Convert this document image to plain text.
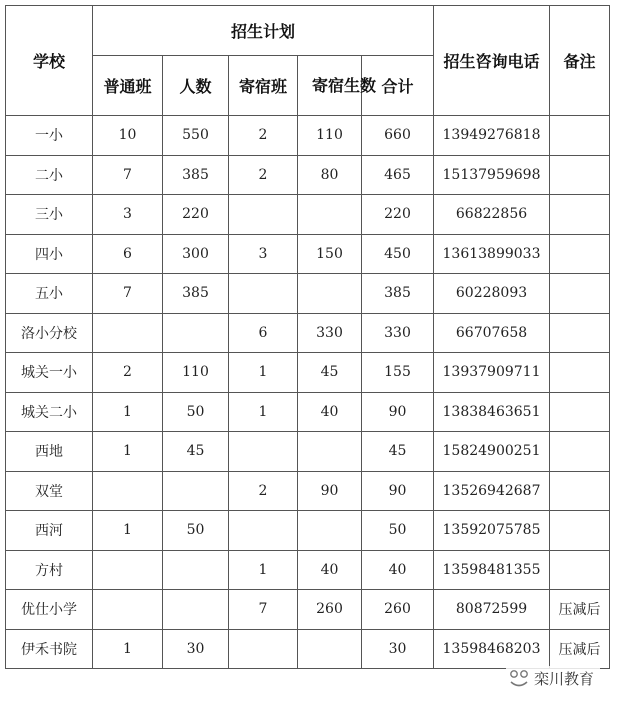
学校	招生计划					招生咨询电话	备注
	普通班	人数	寄宿班	寄宿生数	合计		
一小	10	550	2	110	660	13949276818	
二小	7	385	2	80	465	15137959698	
三小	3	220			220	66822856	
四小	6	300	3	150	450	13613899033	
五小	7	385			385	60228093	
洛小分校			6	330	330	66707658	
城关一小	2	110	1	45	155	13937909711	
城关二小	1	50	1	40	90	13838463651	
西地	1	45			45	15824900251	
双堂			2	90	90	13526942687	
西河	1	50			50	13592075785	
方村			1	40	40	13598481355	
优仕小学			7	260	260	80872599	压减后
伊禾书院	1	30			30	13598468203	压减后
栾川教育
